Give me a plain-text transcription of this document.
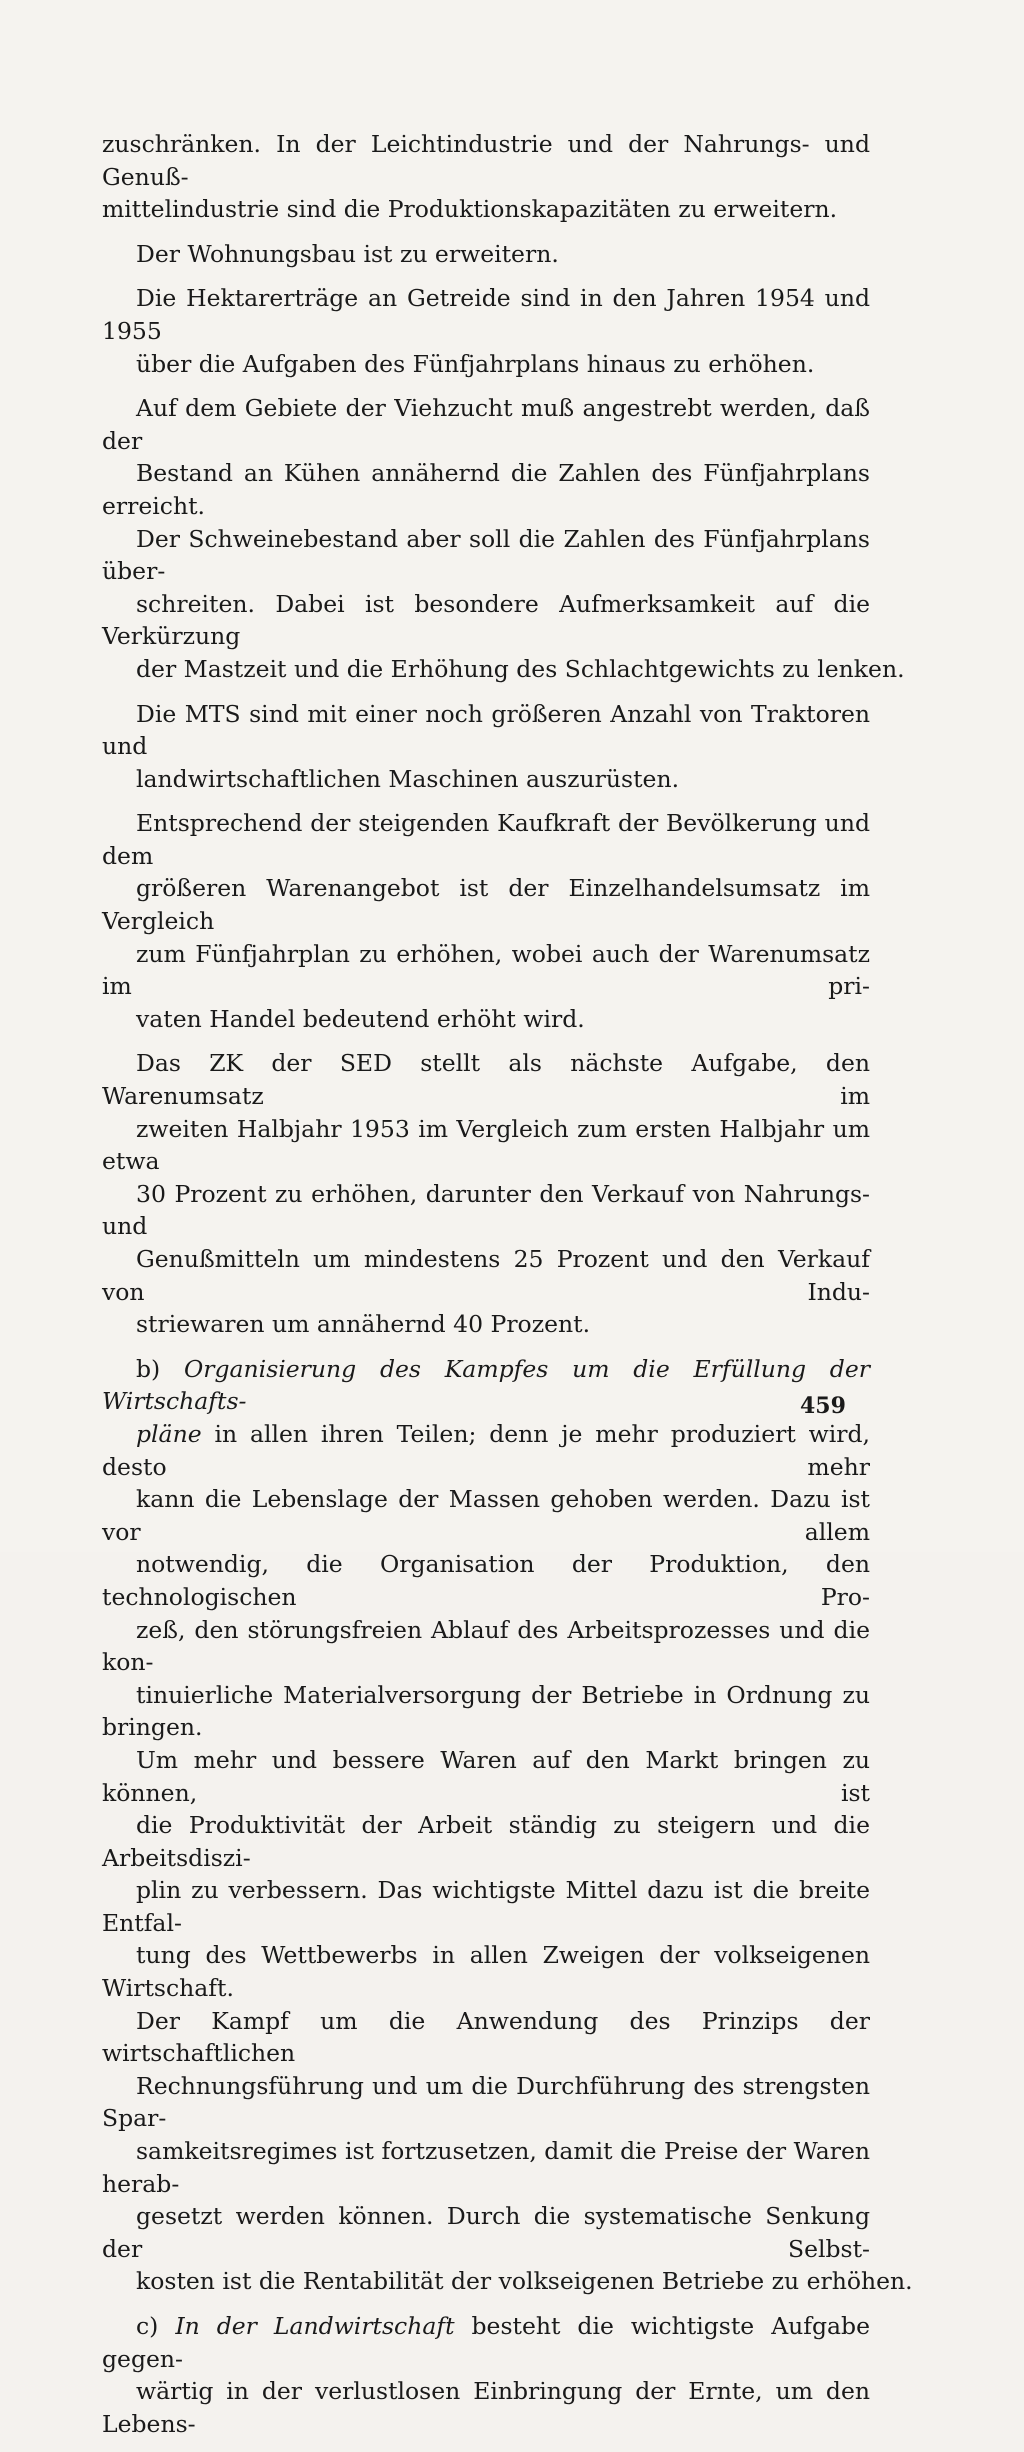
zuschränken. In der Leichtindustrie und der Nahrungs- und Genuß-
mittelindustrie sind die Produktionskapazitäten zu erweitern.

Der Wohnungsbau ist zu erweitern.

Die Hektarerträge an Getreide sind in den Jahren 1954 und 1955
über die Aufgaben des Fünfjahrplans hinaus zu erhöhen.

Auf dem Gebiete der Viehzucht muß angestrebt werden, daß der
Bestand an Kühen annähernd die Zahlen des Fünfjahrplans erreicht.
Der Schweinebestand aber soll die Zahlen des Fünfjahrplans über-
schreiten. Dabei ist besondere Aufmerksamkeit auf die Verkürzung
der Mastzeit und die Erhöhung des Schlachtgewichts zu lenken.

Die MTS sind mit einer noch größeren Anzahl von Traktoren und
landwirtschaftlichen Maschinen auszurüsten.

Entsprechend der steigenden Kaufkraft der Bevölkerung und dem
größeren Warenangebot ist der Einzelhandelsumsatz im Vergleich
zum Fünfjahrplan zu erhöhen, wobei auch der Warenumsatz im pri-
vaten Handel bedeutend erhöht wird.

Das ZK der SED stellt als nächste Aufgabe, den Warenumsatz im
zweiten Halbjahr 1953 im Vergleich zum ersten Halbjahr um etwa
30 Prozent zu erhöhen, darunter den Verkauf von Nahrungs- und
Genußmitteln um mindestens 25 Prozent und den Verkauf von Indu-
striewaren um annähernd 40 Prozent.

b) Organisierung des Kampfes um die Erfüllung der Wirtschafts-
pläne in allen ihren Teilen; denn je mehr produziert wird, desto mehr
kann die Lebenslage der Massen gehoben werden. Dazu ist vor allem
notwendig, die Organisation der Produktion, den technologischen Pro-
zeß, den störungsfreien Ablauf des Arbeitsprozesses und die kon-
tinuierliche Materialversorgung der Betriebe in Ordnung zu bringen.
Um mehr und bessere Waren auf den Markt bringen zu können, ist
die Produktivität der Arbeit ständig zu steigern und die Arbeitsdiszi-
plin zu verbessern. Das wichtigste Mittel dazu ist die breite Entfal-
tung des Wettbewerbs in allen Zweigen der volkseigenen Wirtschaft.
Der Kampf um die Anwendung des Prinzips der wirtschaftlichen
Rechnungsführung und um die Durchführung des strengsten Spar-
samkeitsregimes ist fortzusetzen, damit die Preise der Waren herab-
gesetzt werden können. Durch die systematische Senkung der Selbst-
kosten ist die Rentabilität der volkseigenen Betriebe zu erhöhen.

c) In der Landwirtschaft besteht die wichtigste Aufgabe gegen-
wärtig in der verlustlosen Einbringung der Ernte, um den Lebens-

459
